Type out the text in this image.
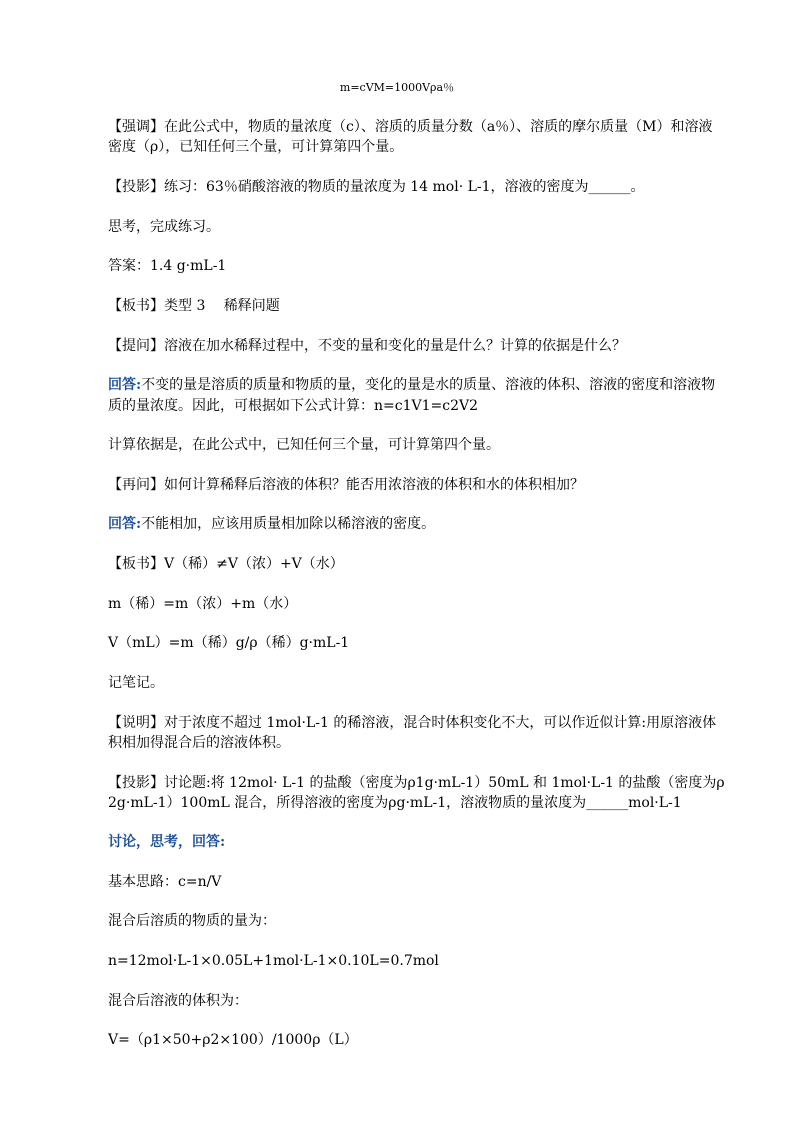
m=cVM=1000Vρa％
【强调】在此公式中，物质的量浓度（c）、溶质的质量分数（a％）、溶质的摩尔质量（M）和溶液
密度（ρ），已知任何三个量，可计算第四个量。
【投影】练习：63％硝酸溶液的物质的量浓度为 14 mol· L-1，溶液的密度为______。
思考，完成练习。
答案：1.4 g·mL-1
【板书】类型 3　 稀释问题
【提问】溶液在加水稀释过程中，不变的量和变化的量是什么？计算的依据是什么？
回答:不变的量是溶质的质量和物质的量，变化的量是水的质量、溶液的体积、溶液的密度和溶液物
质的量浓度。因此，可根据如下公式计算：n=c1V1=c2V2
计算依据是，在此公式中，已知任何三个量，可计算第四个量。
【再问】如何计算稀释后溶液的体积？能否用浓溶液的体积和水的体积相加？
回答:不能相加，应该用质量相加除以稀溶液的密度。
【板书】V（稀）≠V（浓）+V（水）
m（稀）=m（浓）+m（水）
V（mL）=m（稀）g/ρ（稀）g·mL-1
记笔记。
【说明】对于浓度不超过 1mol·L-1 的稀溶液，混合时体积变化不大，可以作近似计算:用原溶液体
积相加得混合后的溶液体积。
【投影】讨论题:将 12mol· L-1 的盐酸（密度为ρ1g·mL-1）50mL 和 1mol·L-1 的盐酸（密度为ρ
2g·mL-1）100mL 混合，所得溶液的密度为ρg·mL-1，溶液物质的量浓度为______mol·L-1
讨论，思考，回答:
基本思路：c=n/V
混合后溶质的物质的量为：
n=12mol·L-1×0.05L+1mol·L-1×0.10L=0.7mol
混合后溶液的体积为：
V=（ρ1×50+ρ2×100）/1000ρ（L）
